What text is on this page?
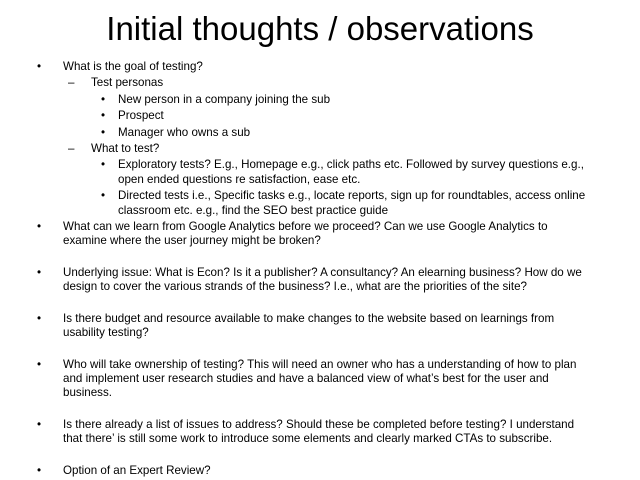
Initial thoughts / observations
• What is the goal of testing?
– Test personas
• New person in a company joining the sub
• Prospect
• Manager who owns a sub
– What to test?
• Exploratory tests? E.g., Homepage e.g., click paths etc. Followed by survey questions e.g., open ended questions re satisfaction, ease etc.
• Directed tests i.e., Specific tasks e.g., locate reports, sign up for roundtables, access online classroom etc. e.g., find the SEO best practice guide
• What can we learn from Google Analytics before we proceed? Can we use Google Analytics to examine where the user journey might be broken?
• Underlying issue: What is Econ? Is it a publisher? A consultancy? An elearning business? How do we design to cover the various strands of the business? I.e., what are the priorities of the site?
• Is there budget and resource available to make changes to the website based on learnings from usability testing?
• Who will take ownership of testing? This will need an owner who has a understanding of how to plan and implement user research studies and have a balanced view of what’s best for the user and business.
• Is there already a list of issues to address? Should these be completed before testing? I understand that there’ is still some work to introduce some elements and clearly marked CTAs to subscribe.
• Option of an Expert Review?
